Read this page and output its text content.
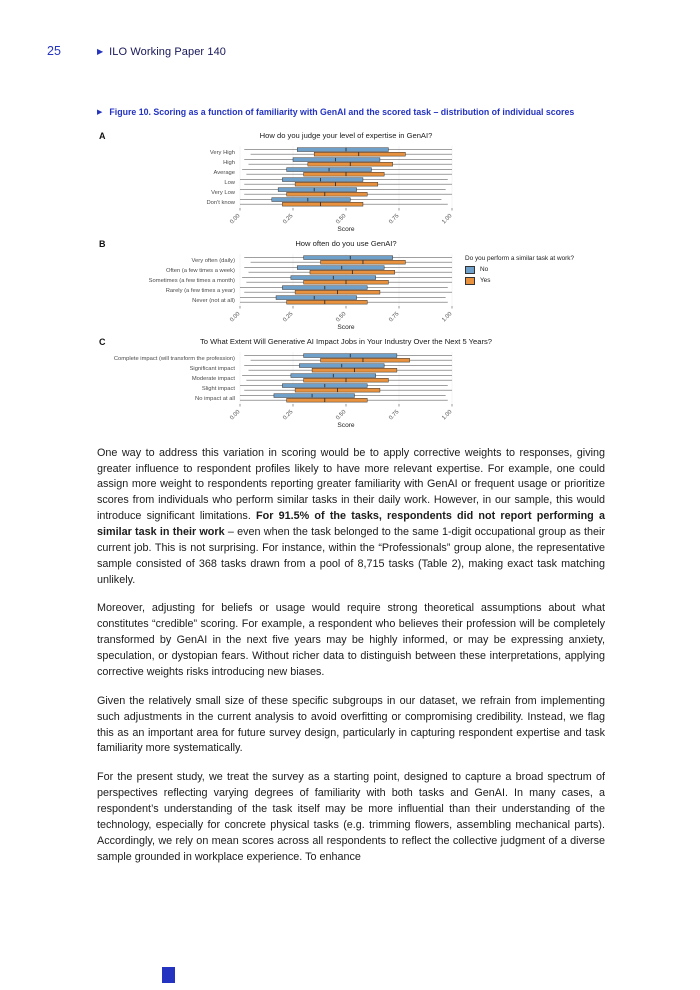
25	▶ ILO Working Paper 140
▶ Figure 10. Scoring as a function of familiarity with GenAI and the scored task – distribution of individual scores
A	How do you judge your level of expertise in GenAI?
Very High
High
Average
Low
Very Low
Don't know
0.00	0.25	0.50	0.75	1.00
Score
B	How often do you use GenAI?
Very often (daily)
Often (a few times a week)
Sometimes (a few times a month)
Rarely (a few times a year)
Never (not at all)
0.00	0.25	0.50	0.75	1.00
Score
Do you perform a similar task at work?
No
Yes
C	To What Extent Will Generative AI Impact Jobs in Your Industry Over the Next 5 Years?
Complete impact (will transform the profession)
Significant impact
Moderate impact
Slight impact
No impact at all
0.00	0.25	0.50	0.75	1.00
Score

One way to address this variation in scoring would be to apply corrective weights to responses, giving greater influence to respondent profiles likely to have more relevant expertise. For example, one could assign more weight to respondents reporting greater familiarity with GenAI or frequent usage or prioritize scores from individuals who perform similar tasks in their daily work. However, in our sample, this would introduce significant limitations. For 91.5% of the tasks, respondents did not report performing a similar task in their work – even when the task belonged to the same 1-digit occupational group as their current job. This is not surprising. For instance, within the “Professionals” group alone, the representative sample consisted of 368 tasks drawn from a pool of 8,715 tasks (Table 2), making exact task matching unlikely.

Moreover, adjusting for beliefs or usage would require strong theoretical assumptions about what constitutes “credible” scoring. For example, a respondent who believes their profession will be completely transformed by GenAI in the next five years may be highly informed, or may be expressing anxiety, speculation, or dystopian fears. Without richer data to distinguish between these interpretations, applying corrective weights risks introducing new biases.

Given the relatively small size of these specific subgroups in our dataset, we refrain from implementing such adjustments in the current analysis to avoid overfitting or compromising credibility. Instead, we flag this as an important area for future survey design, particularly in capturing respondent expertise and task familiarity more systematically.

For the present study, we treat the survey as a starting point, designed to capture a broad spectrum of perspectives reflecting varying degrees of familiarity with both tasks and GenAI. In many cases, a respondent’s understanding of the task itself may be more influential than their understanding of the technology, especially for concrete physical tasks (e.g. trimming flowers, assembling mechanical parts). Accordingly, we rely on mean scores across all respondents to reflect the collective judgment of a diverse sample grounded in workplace experience. To enhance
